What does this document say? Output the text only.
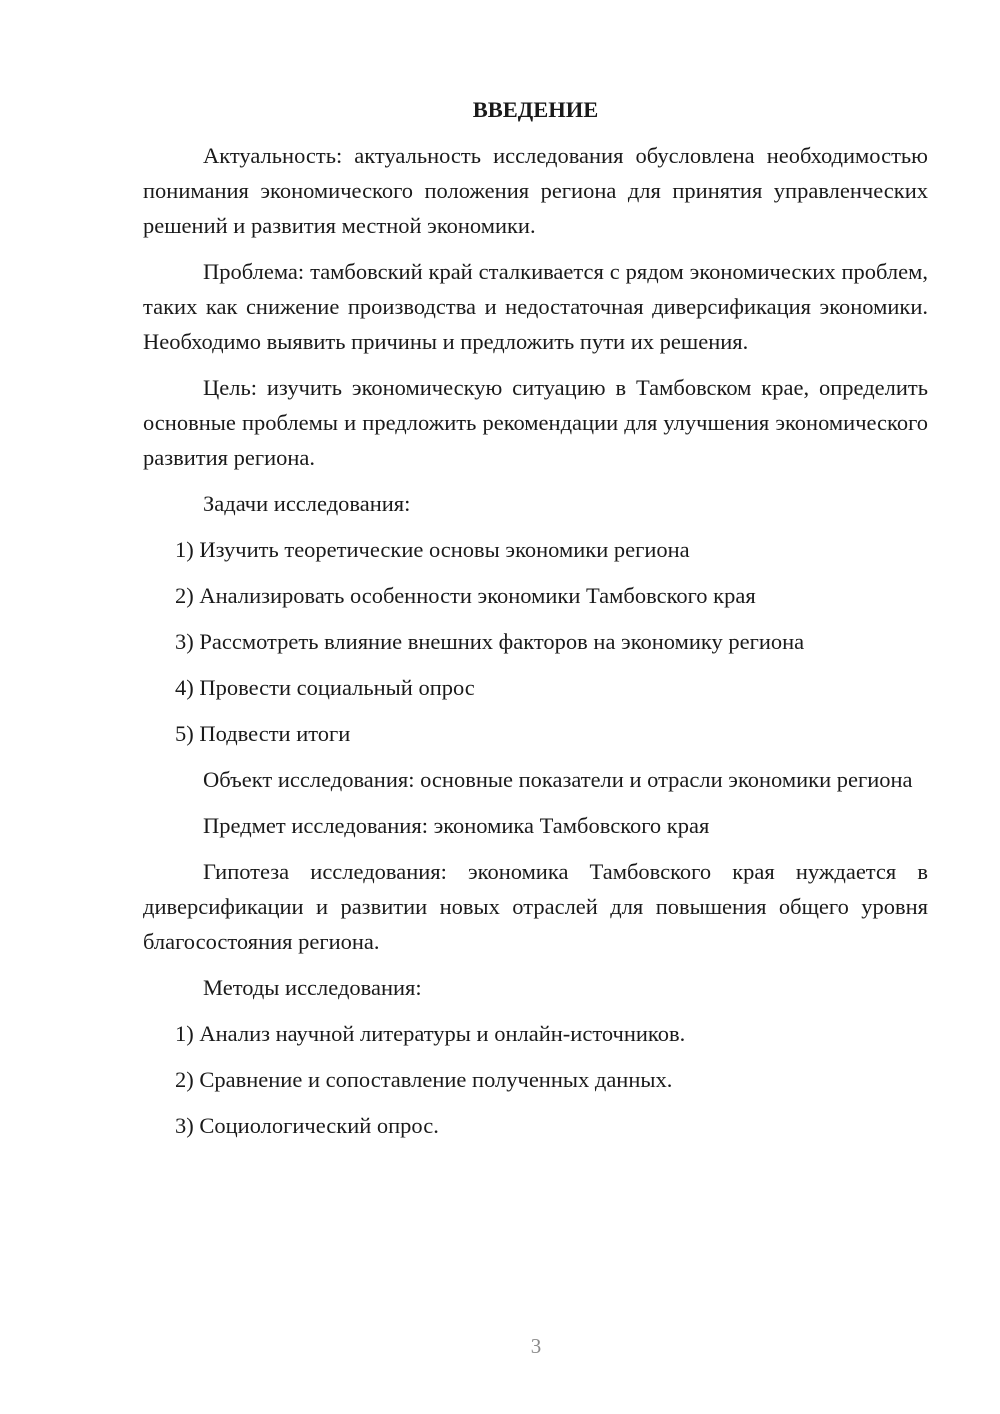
ВВЕДЕНИЕ

Актуальность: актуальность исследования обусловлена необходимостью понимания экономического положения региона для принятия управленческих решений и развития местной экономики.

Проблема: тамбовский край сталкивается с рядом экономических проблем, таких как снижение производства и недостаточная диверсификация экономики. Необходимо выявить причины и предложить пути их решения.

Цель: изучить экономическую ситуацию в Тамбовском крае, определить основные проблемы и предложить рекомендации для улучшения экономического развития региона.

Задачи исследования:

1) Изучить теоретические основы экономики региона

2) Анализировать особенности экономики Тамбовского края

3) Рассмотреть влияние внешних факторов на экономику региона

4) Провести социальный опрос

5) Подвести итоги

Объект исследования: основные показатели и отрасли экономики региона

Предмет исследования: экономика Тамбовского края

Гипотеза исследования: экономика Тамбовского края нуждается в диверсификации и развитии новых отраслей для повышения общего уровня благосостояния региона.

Методы исследования:

1) Анализ научной литературы и онлайн-источников.

2) Сравнение и сопоставление полученных данных.

3) Социологический опрос.

3
